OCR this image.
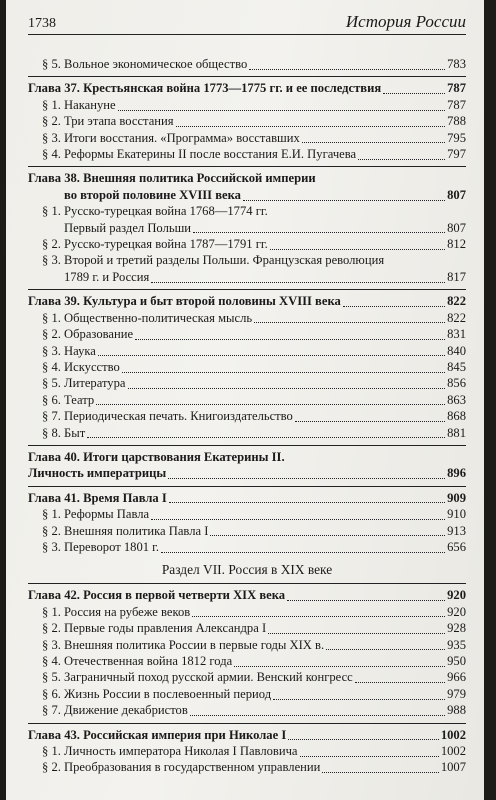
1738	История России
§ 5. Вольное экономическое общество	783
Глава 37. Крестьянская война 1773—1775 гг. и ее последствия	787
§ 1. Накануне	787
§ 2. Три этапа восстания	788
§ 3. Итоги восстания. «Программа» восставших	795
§ 4. Реформы Екатерины II после восстания Е.И. Пугачева	797
Глава 38. Внешняя политика Российской империи
во второй половине XVIII века	807
§ 1. Русско-турецкая война 1768—1774 гг.
Первый раздел Польши	807
§ 2. Русско-турецкая война 1787—1791 гг.	812
§ 3. Второй и третий разделы Польши. Французская революция
1789 г. и Россия	817
Глава 39. Культура и быт второй половины XVIII века	822
§ 1. Общественно-политическая мысль	822
§ 2. Образование	831
§ 3. Наука	840
§ 4. Искусство	845
§ 5. Литература	856
§ 6. Театр	863
§ 7. Периодическая печать. Книгоиздательство	868
§ 8. Быт	881
Глава 40. Итоги царствования Екатерины II.
Личность императрицы	896
Глава 41. Время Павла I	909
§ 1. Реформы Павла	910
§ 2. Внешняя политика Павла I	913
§ 3. Переворот 1801 г.	656
Раздел VII. Россия в XIX веке
Глава 42. Россия в первой четверти XIX века	920
§ 1. Россия на рубеже веков	920
§ 2. Первые годы правления Александра I	928
§ 3. Внешняя политика России в первые годы XIX в.	935
§ 4. Отечественная война 1812 года	950
§ 5. Заграничный поход русской армии. Венский конгресс	966
§ 6. Жизнь России в послевоенный период	979
§ 7. Движение декабристов	988
Глава 43. Российская империя при Николае I	1002
§ 1. Личность императора Николая I Павловича	1002
§ 2. Преобразования в государственном управлении	1007
